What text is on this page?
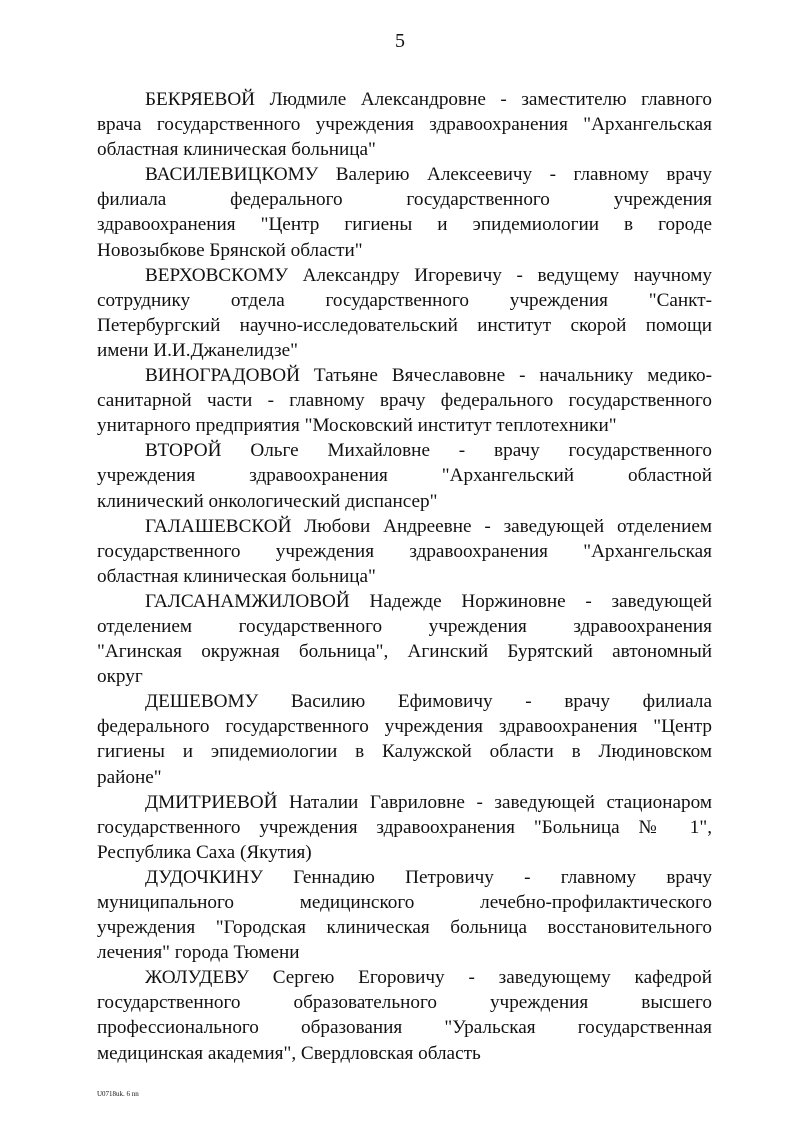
5
БЕКРЯЕВОЙ Людмиле Александровне - заместителю главного
врача государственного учреждения здравоохранения "Архангельская
областная клиническая больница"
ВАСИЛЕВИЦКОМУ Валерию Алексеевичу - главному врачу
филиала федерального государственного учреждения
здравоохранения "Центр гигиены и эпидемиологии в городе
Новозыбкове Брянской области"
ВЕРХОВСКОМУ Александру Игоревичу - ведущему научному
сотруднику отдела государственного учреждения "Санкт-
Петербургский научно-исследовательский институт скорой помощи
имени И.И.Джанелидзе"
ВИНОГРАДОВОЙ Татьяне Вячеславовне - начальнику медико-
санитарной части - главному врачу федерального государственного
унитарного предприятия "Московский институт теплотехники"
ВТОРОЙ Ольге Михайловне - врачу государственного
учреждения здравоохранения "Архангельский областной
клинический онкологический диспансер"
ГАЛАШЕВСКОЙ Любови Андреевне - заведующей отделением
государственного учреждения здравоохранения "Архангельская
областная клиническая больница"
ГАЛСАНАМЖИЛОВОЙ Надежде Норжиновне - заведующей
отделением государственного учреждения здравоохранения
"Агинская окружная больница", Агинский Бурятский автономный
округ
ДЕШЕВОМУ Василию Ефимовичу - врачу филиала
федерального государственного учреждения здравоохранения "Центр
гигиены и эпидемиологии в Калужской области в Людиновском
районе"
ДМИТРИЕВОЙ Наталии Гавриловне - заведующей стационаром
государственного учреждения здравоохранения "Больница № 1",
Республика Саха (Якутия)
ДУДОЧКИНУ Геннадию Петровичу - главному врачу
муниципального медицинского лечебно-профилактического
учреждения "Городская клиническая больница восстановительного
лечения" города Тюмени
ЖОЛУДЕВУ Сергею Егоровичу - заведующему кафедрой
государственного образовательного учреждения высшего
профессионального образования "Уральская государственная
медицинская академия", Свердловская область
U0718uk. 6 nn
